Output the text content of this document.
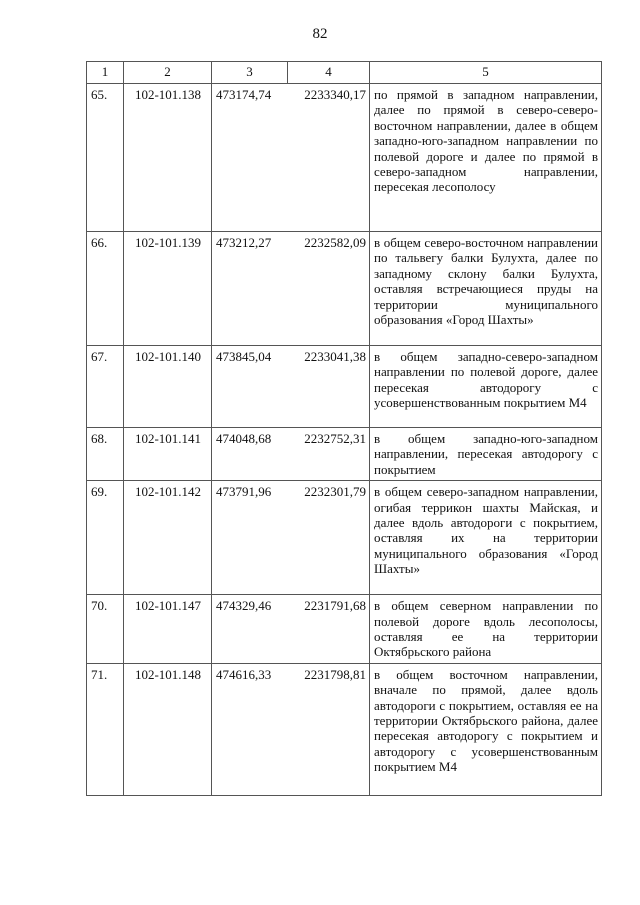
82
1	2	3	4	5
65.	102-101.138	473174,74	2233340,17	по прямой в западном направлении, далее по прямой в северо-северо-восточном направлении, далее в общем западно-юго-западном направлении по полевой дороге и далее по прямой в северо-западном направлении, пересекая лесополосу
66.	102-101.139	473212,27	2232582,09	в общем северо-восточном направлении по тальвегу балки Булухта, далее по западному склону балки Булухта, оставляя встречающиеся пруды на территории муниципального образования «Город Шахты»
67.	102-101.140	473845,04	2233041,38	в общем западно-северо-западном направлении по полевой дороге, далее пересекая автодорогу с усовершенствованным покрытием М4
68.	102-101.141	474048,68	2232752,31	в общем западно-юго-западном направлении, пересекая автодорогу с покрытием
69.	102-101.142	473791,96	2232301,79	в общем северо-западном направлении, огибая террикон шахты Майская, и далее вдоль автодороги с покрытием, оставляя их на территории муниципального образования «Город Шахты»
70.	102-101.147	474329,46	2231791,68	в общем северном направлении по полевой дороге вдоль лесополосы, оставляя ее на территории Октябрьского района
71.	102-101.148	474616,33	2231798,81	в общем восточном направлении, вначале по прямой, далее вдоль автодороги с покрытием, оставляя ее на территории Октябрьского района, далее пересекая автодорогу с покрытием и автодорогу с усовершенствованным покрытием М4
